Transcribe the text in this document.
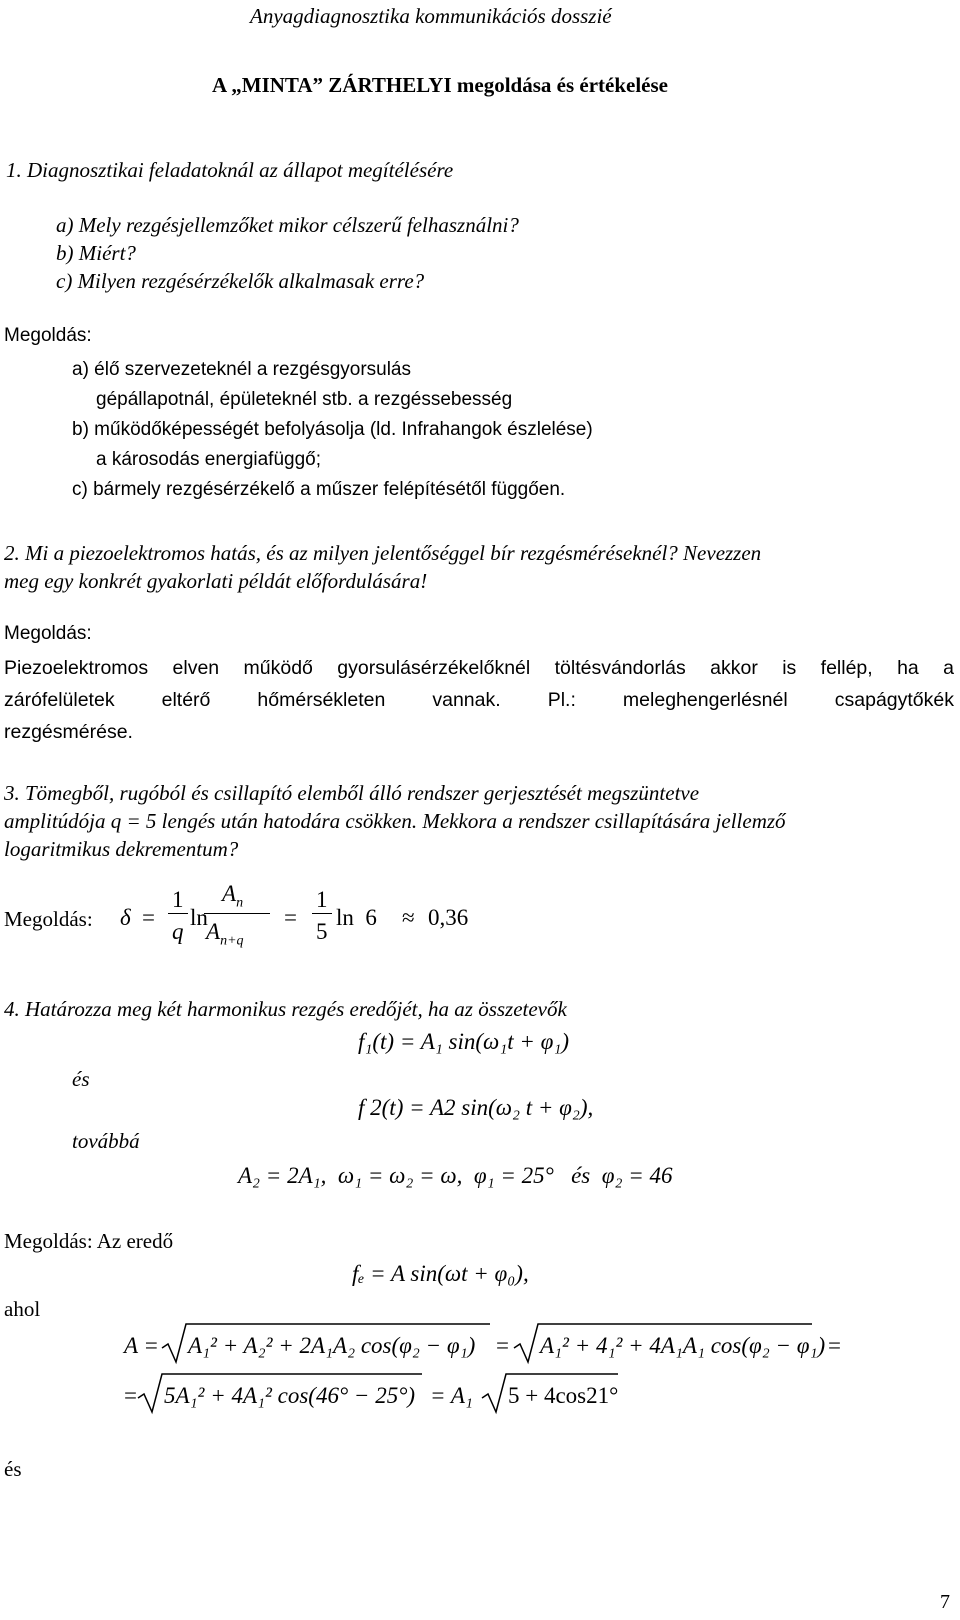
Anyagdiagnosztika kommunikációs dosszié
A „MINTA” ZÁRTHELYI megoldása és értékelése
1. Diagnosztikai feladatoknál az állapot megítélésére
a) Mely rezgésjellemzőket mikor célszerű felhasználni?
b) Miért?
c) Milyen rezgésérzékelők alkalmasak erre?
Megoldás:
a) élő szervezeteknél a rezgésgyorsulás
gépállapotnál, épületeknél stb. a rezgéssebesség
b) működőképességét befolyásolja (ld. Infrahangok észlelése)
a károsodás energiafüggő;
c) bármely rezgésérzékelő a műszer felépítésétől függően.
2. Mi a piezoelektromos hatás, és az milyen jelentőséggel bír rezgésméréseknél? Nevezzen
meg egy konkrét gyakorlati példát előfordulására!
Megoldás:
Piezoelektromos elven működő gyorsulásérzékelőknél töltésvándorlás akkor is fellép, ha a
zárófelületek eltérő hőmérsékleten vannak. Pl.: meleghengerlésnél csapágytőkék
rezgésmérése.
3. Tömegből, rugóból és csillapító elemből álló rendszer gerjesztését megszüntetve
amplitúdója q = 5 lengés után hatodára csökken. Mekkora a rendszer csillapítására jellemző
logaritmikus dekrementum?
Megoldás: δ =
1
q
ln
$A_n$
$A_{n+q}$
=
1
5
ln  6 ≈ 0,36
4. Határozza meg két harmonikus rezgés eredőjét, ha az összetevők
f₁(t) = A₁ sin(ω₁t + φ₁)
és
f 2(t) = A2 sin(ω₂ t + φ₂),
továbbá
A₂ = 2A₁,  ω₁ = ω₂ = ω,  φ₁ = 25° és φ₂ = 46
Megoldás: Az eredő
fₑ = A sin(ωt + φ₀),
ahol
A = A₁² + A₂² + 2A₁A₂ cos(φ₂ − φ₁) = A₁² + 4₁² + 4A₁A₁ cos(φ₂ − φ₁) =
= 5A₁² + 4A₁² cos(46° − 25°) = A₁ 5 + 4cos21°
és
7
